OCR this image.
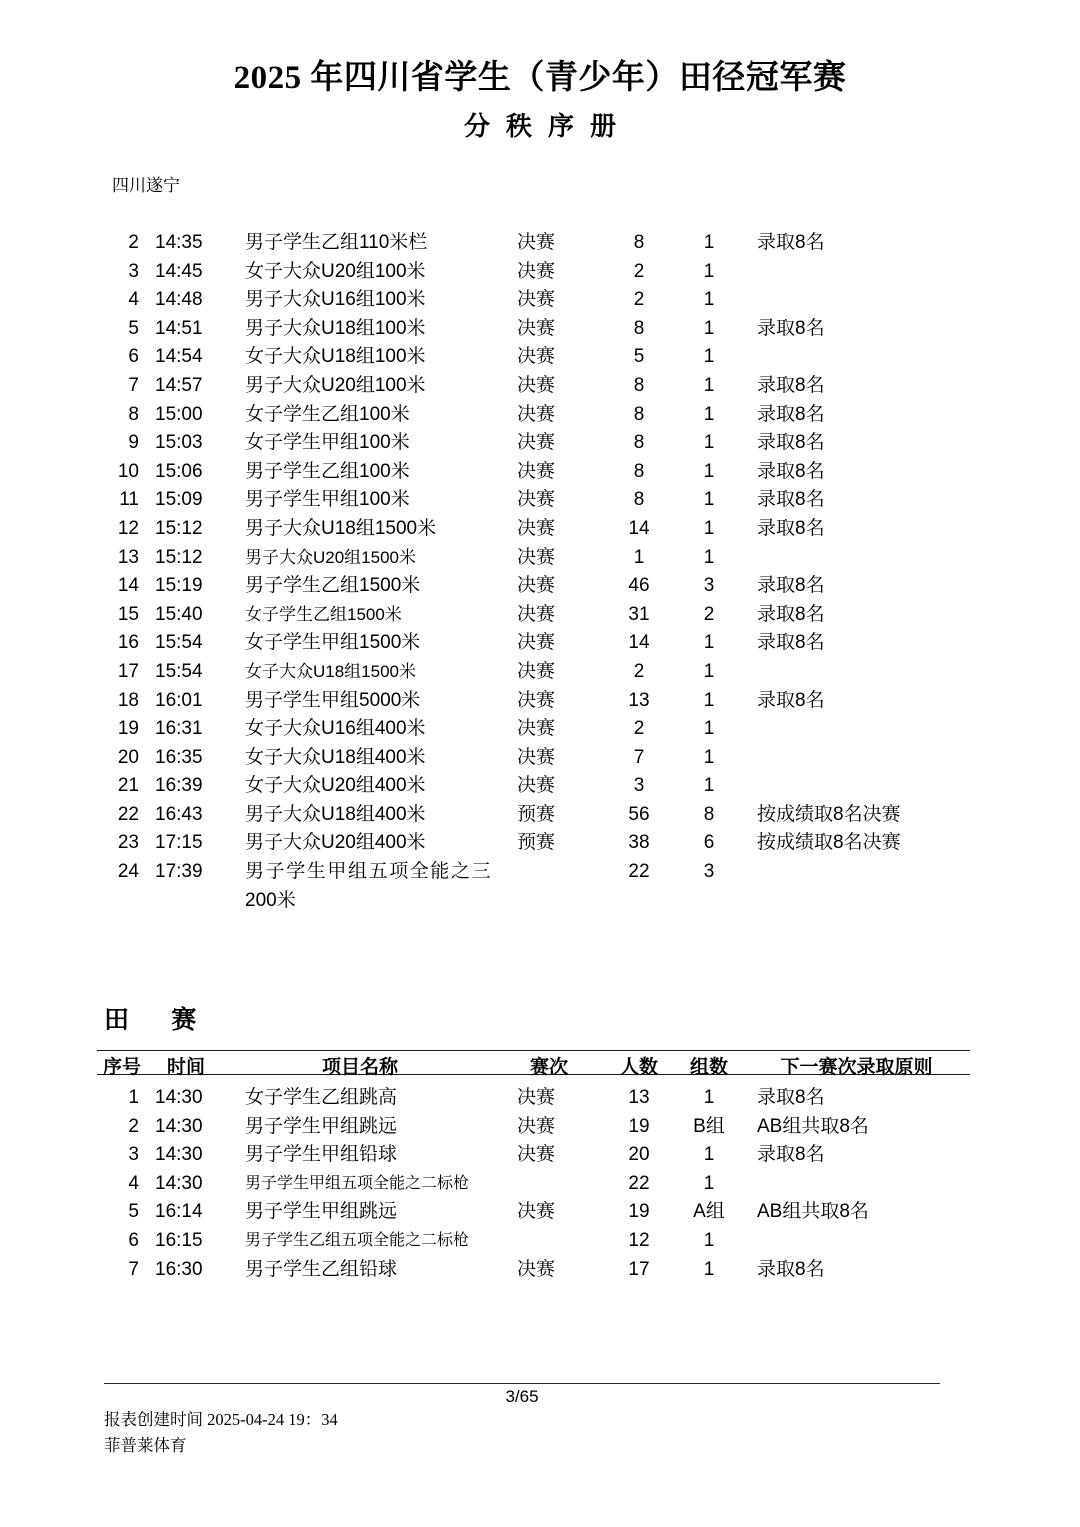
2025 年四川省学生（青少年）田径冠军赛
分秩序册

四川遂宁

2	14:35	男子学生乙组110米栏	决赛	8	1	录取8名
3	14:45	女子大众U20组100米	决赛	2	1	
4	14:48	男子大众U16组100米	决赛	2	1	
5	14:51	男子大众U18组100米	决赛	8	1	录取8名
6	14:54	女子大众U18组100米	决赛	5	1	
7	14:57	男子大众U20组100米	决赛	8	1	录取8名
8	15:00	女子学生乙组100米	决赛	8	1	录取8名
9	15:03	女子学生甲组100米	决赛	8	1	录取8名
10	15:06	男子学生乙组100米	决赛	8	1	录取8名
11	15:09	男子学生甲组100米	决赛	8	1	录取8名
12	15:12	男子大众U18组1500米	决赛	14	1	录取8名
13	15:12	男子大众U20组1500米	决赛	1	1	
14	15:19	男子学生乙组1500米	决赛	46	3	录取8名
15	15:40	女子学生乙组1500米	决赛	31	2	录取8名
16	15:54	女子学生甲组1500米	决赛	14	1	录取8名
17	15:54	女子大众U18组1500米	决赛	2	1	
18	16:01	男子学生甲组5000米	决赛	13	1	录取8名
19	16:31	女子大众U16组400米	决赛	2	1	
20	16:35	女子大众U18组400米	决赛	7	1	
21	16:39	女子大众U20组400米	决赛	3	1	
22	16:43	男子大众U18组400米	预赛	56	8	按成绩取8名决赛
23	17:15	男子大众U20组400米	预赛	38	6	按成绩取8名决赛
24	17:39	男子学生甲组五项全能之三
200米		22	3	
田 赛
序号	时间	项目名称	赛次	人数	组数	下一赛次录取原则
1	14:30	女子学生乙组跳高	决赛	13	1	录取8名
2	14:30	男子学生甲组跳远	决赛	19	B组	AB组共取8名
3	14:30	男子学生甲组铅球	决赛	20	1	录取8名
4	14:30	男子学生甲组五项全能之二标枪		22	1	
5	16:14	男子学生甲组跳远	决赛	19	A组	AB组共取8名
6	16:15	男子学生乙组五项全能之二标枪		12	1	
7	16:30	男子学生乙组铅球	决赛	17	1	录取8名
3/65
报表创建时间 2025-04-24 19：34
菲普莱体育
